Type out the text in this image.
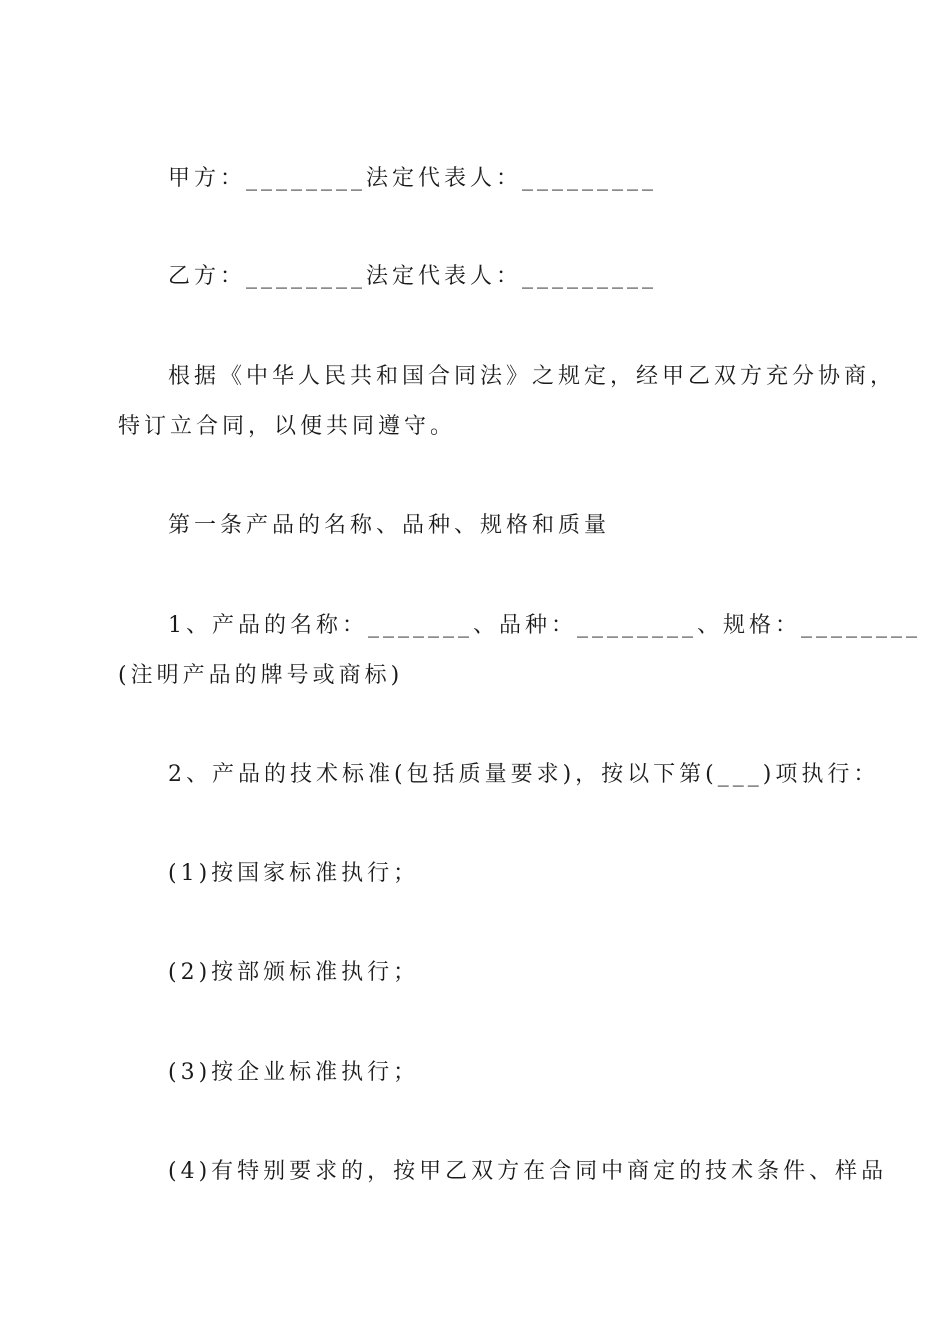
甲方：________法定代表人：_________
乙方：________法定代表人：_________
根据《中华人民共和国合同法》之规定，经甲乙双方充分协商，
特订立合同，以便共同遵守。
第一条产品的名称、品种、规格和质量
1、产品的名称：_______、品种：________、规格：________
(注明产品的牌号或商标)
2、产品的技术标准(包括质量要求)，按以下第(___)项执行：
(1)按国家标准执行；
(2)按部颁标准执行；
(3)按企业标准执行；
(4)有特别要求的，按甲乙双方在合同中商定的技术条件、样品
